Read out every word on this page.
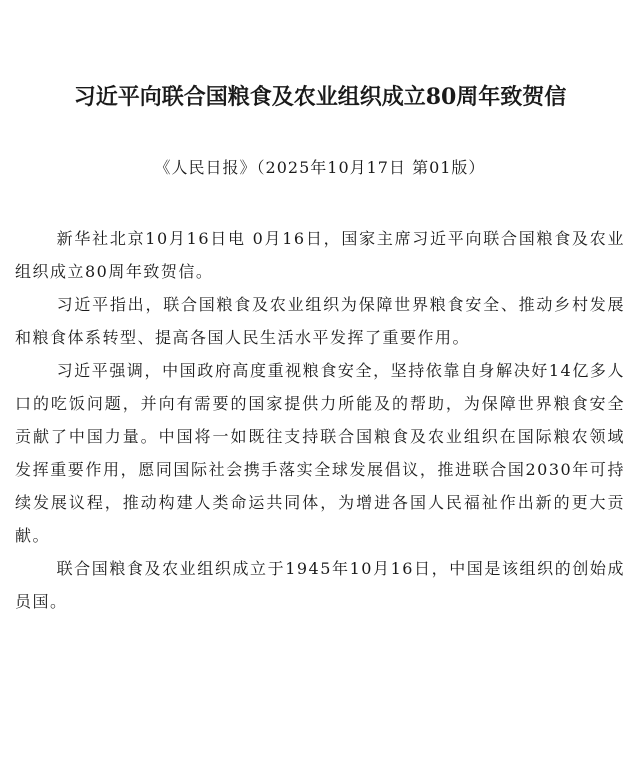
习近平向联合国粮食及农业组织成立80周年致贺信

《人民日报》（2025年10月17日 第01版）

新华社北京10月16日电 0月16日，国家主席习近平向联合国粮食及农业组织成立80周年致贺信。

习近平指出，联合国粮食及农业组织为保障世界粮食安全、推动乡村发展和粮食体系转型、提高各国人民生活水平发挥了重要作用。

习近平强调，中国政府高度重视粮食安全，坚持依靠自身解决好14亿多人口的吃饭问题，并向有需要的国家提供力所能及的帮助，为保障世界粮食安全贡献了中国力量。中国将一如既往支持联合国粮食及农业组织在国际粮农领域发挥重要作用，愿同国际社会携手落实全球发展倡议，推进联合国2030年可持续发展议程，推动构建人类命运共同体，为增进各国人民福祉作出新的更大贡献。

联合国粮食及农业组织成立于1945年10月16日，中国是该组织的创始成员国。
